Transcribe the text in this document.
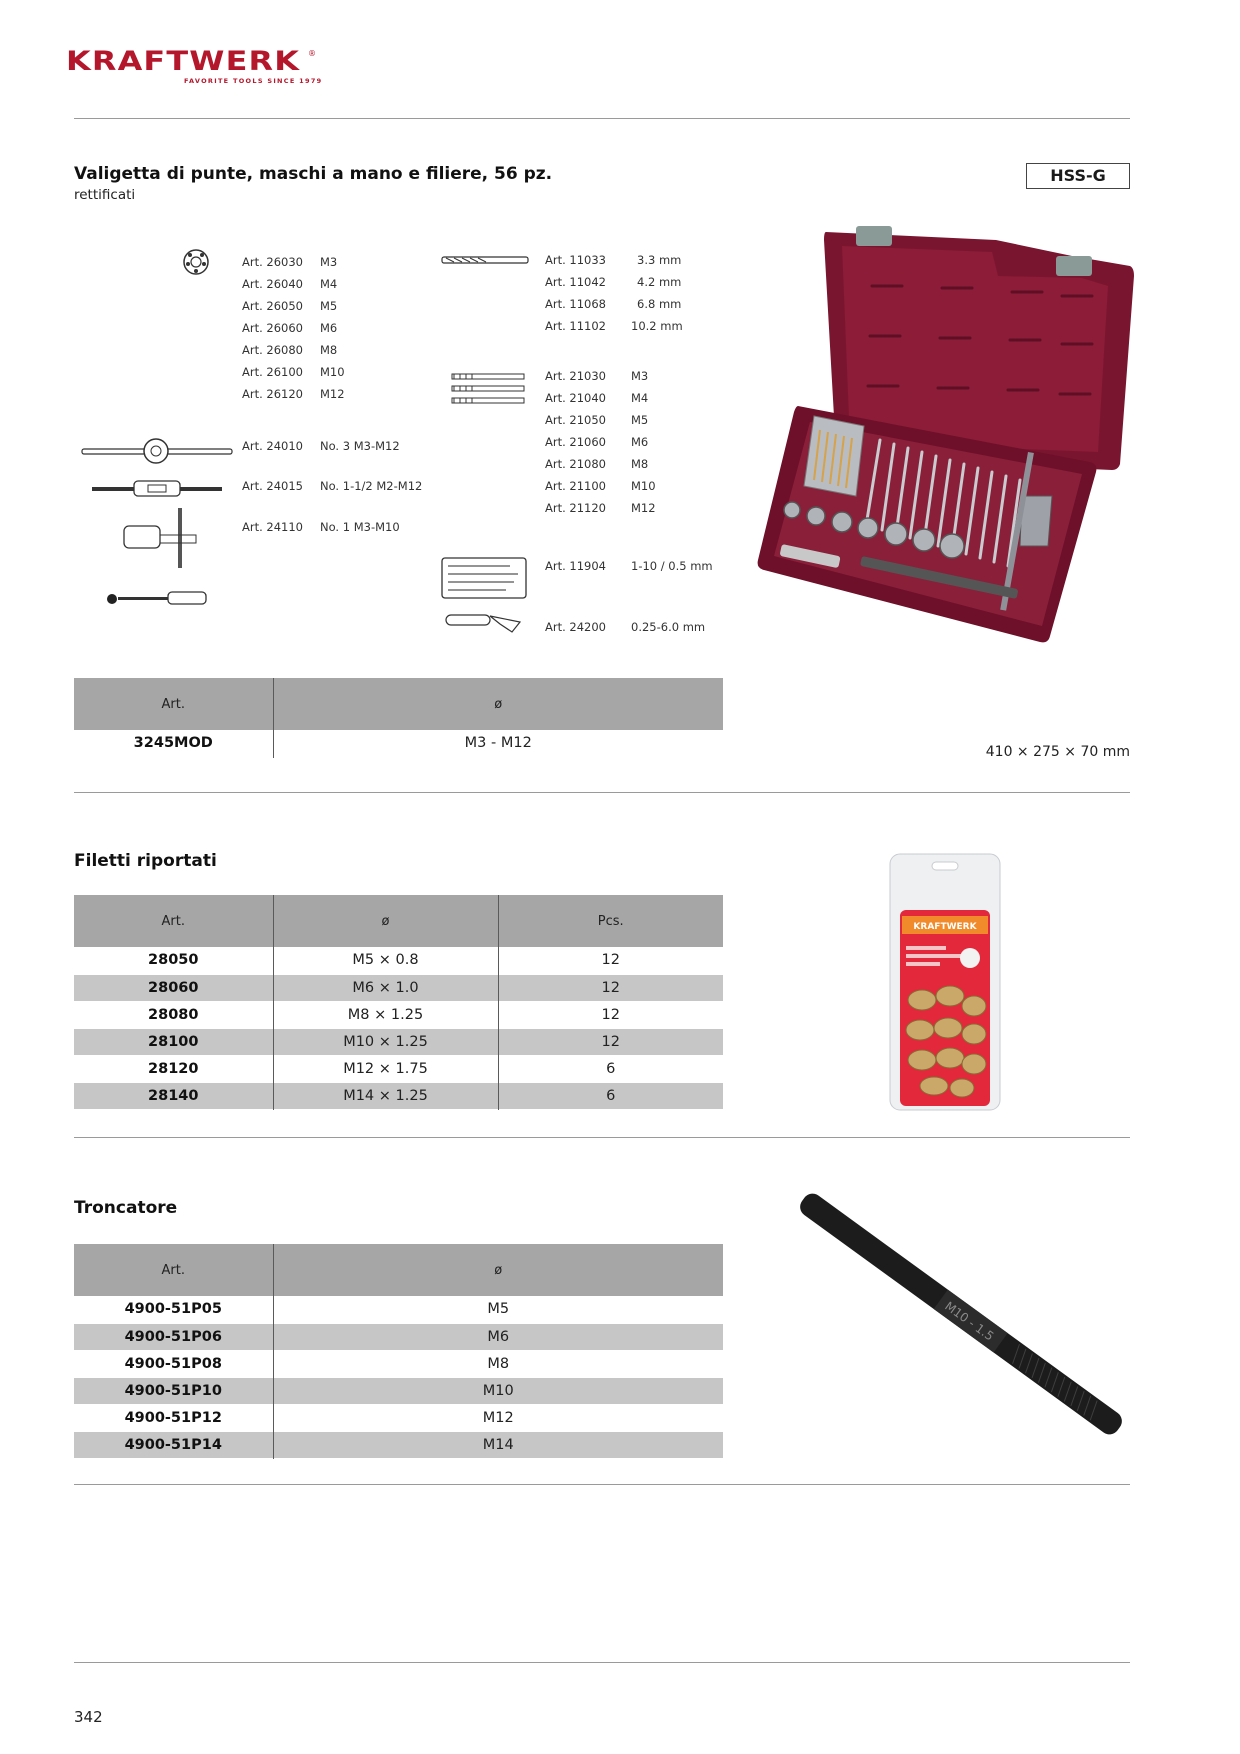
KRAFTWERK ®
FAVORITE TOOLS SINCE 1979
Valigetta di punte, maschi a mano e filiere, 56 pz.
rettificati
HSS-G
Art. 26030 M3
Art. 26040 M4
Art. 26050 M5
Art. 26060 M6
Art. 26080 M8
Art. 26100 M10
Art. 26120 M12
Art. 24010 No. 3 M3-M12
Art. 24015 No. 1-1/2 M2-M12
Art. 24110 No. 1 M3-M10
Art. 11033	3.3 mm
Art. 11042	4.2 mm
Art. 11068	6.8 mm
Art. 11102 10.2 mm
Art. 21030 M3
Art. 21040 M4
Art. 21050 M5
Art. 21060 M6
Art. 21080 M8
Art. 21100 M10
Art. 21120 M12
Art. 11904 1-10 / 0.5 mm
Art. 24200 0.25-6.0 mm
Art.	ø
3245MOD	M3 - M12
410 × 275 × 70 mm
Filetti riportati
Art.	ø	Pcs.
28050	M5 × 0.8	12
28060	M6 × 1.0	12
28080	M8 × 1.25	12
28100	M10 × 1.25	12
28120	M12 × 1.75	6
28140	M14 × 1.25	6
KRAFTWERK
Troncatore
Art.	ø
4900-51P05	M5
4900-51P06	M6
4900-51P08	M8
4900-51P10	M10
4900-51P12	M12
4900-51P14	M14
M10 - 1.5
342
